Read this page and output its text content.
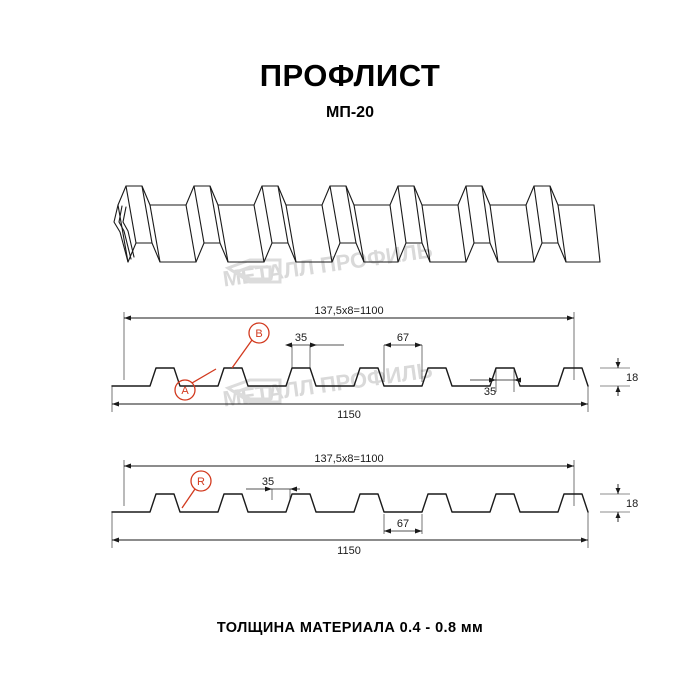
ПРОФЛИСТ
МП-20
МЕТАЛЛ ПРОФИЛЬ
МЕТАЛЛ ПРОФИЛЬ
137,5х8=1100
1150
18
35	67
35
A
B
137,5х8=1100
1150
18
35
67
R
ТОЛЩИНА МАТЕРИАЛА 0.4 - 0.8 мм
